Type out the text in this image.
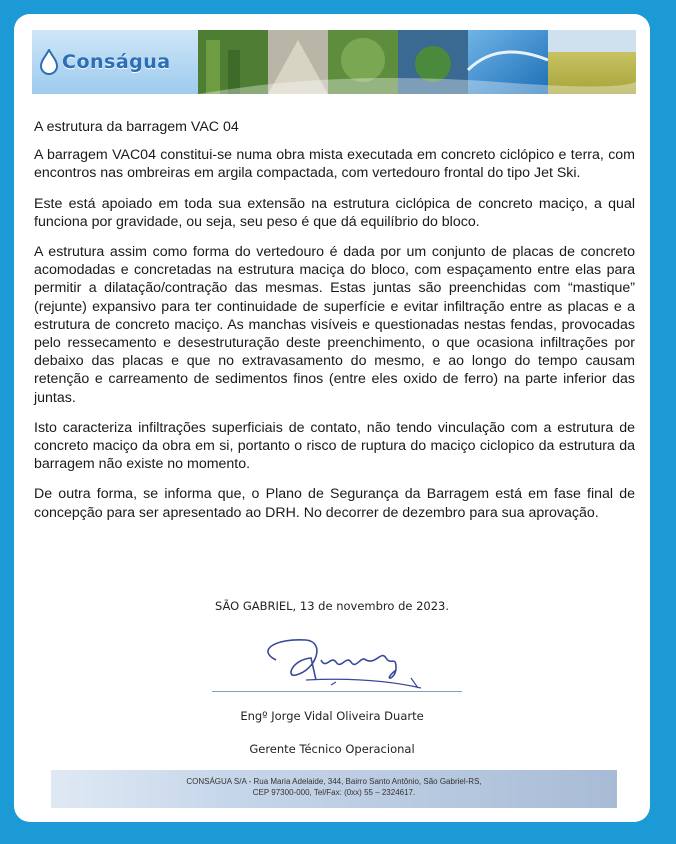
Conságua

A estrutura da barragem VAC 04

A barragem VAC04 constitui-se numa obra mista executada em concreto ciclópico e terra, com encontros nas ombreiras em argila compactada, com vertedouro frontal do tipo Jet Ski.

Este está apoiado em toda sua extensão na estrutura ciclópica de concreto maciço, a qual funciona por gravidade, ou seja, seu peso é que dá equilíbrio do bloco.

A estrutura assim como forma do vertedouro é dada por um conjunto de placas de concreto acomodadas e concretadas na estrutura maciça do bloco, com espaçamento entre elas para permitir a dilatação/contração das mesmas. Estas juntas são preenchidas com “mastique” (rejunte) expansivo para ter continuidade de superfície e evitar infiltração entre as placas e a estrutura de concreto maciço. As manchas visíveis e questionadas nestas fendas, provocadas pelo ressecamento e desestruturação deste preenchimento, o que ocasiona infiltrações por debaixo das placas e que no extravasamento do mesmo, e ao longo do tempo causam retenção e carreamento de sedimentos finos (entre eles oxido de ferro) na parte inferior das juntas.

Isto caracteriza infiltrações superficiais de contato, não tendo vinculação com a estrutura de concreto maciço da obra em si, portanto o risco de ruptura do maciço ciclopico da estrutura da barragem não existe no momento.

De outra forma, se informa que, o Plano de Segurança da Barragem está em fase final de concepção para ser apresentado ao DRH. No decorrer de dezembro para sua aprovação.

SÃO GABRIEL, 13 de novembro de 2023.
Engº Jorge Vidal Oliveira Duarte
Gerente Técnico Operacional
CONSÁGUA S/A - Rua Maria Adelaide, 344, Bairro Santo Antônio, São Gabriel-RS,
CEP 97300-000, Tel/Fax: (0xx) 55 – 2324617.
